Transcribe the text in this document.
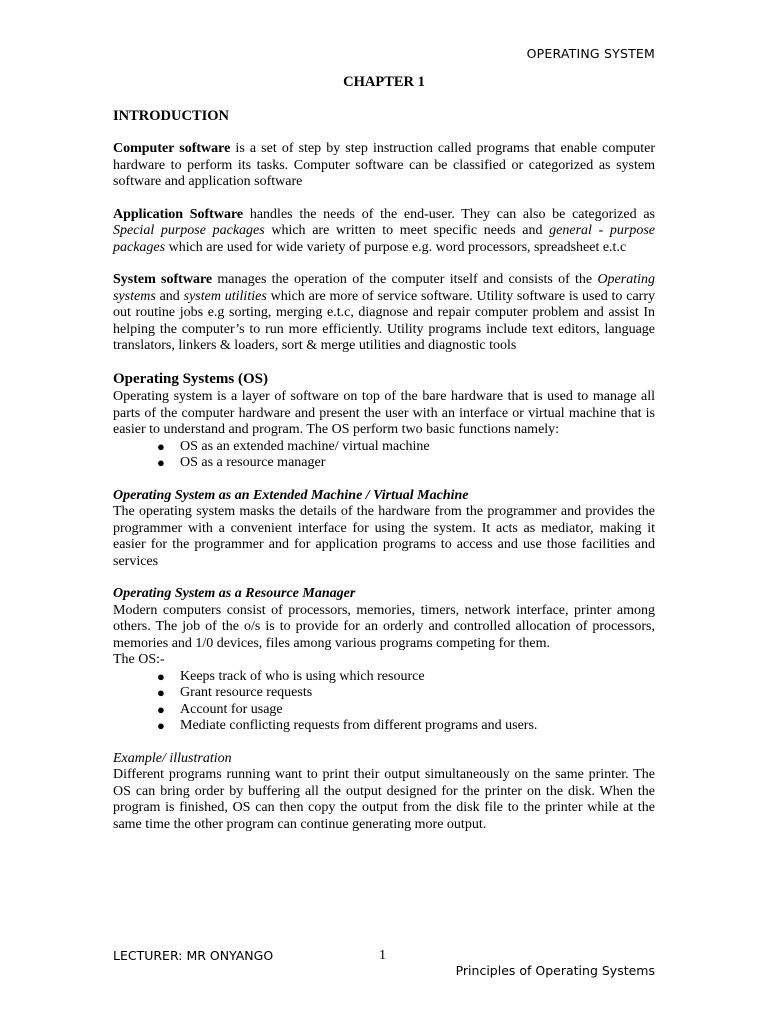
OPERATING SYSTEM
CHAPTER 1
INTRODUCTION

Computer software is a set of step by step instruction called programs that enable computer hardware to perform its tasks. Computer software can be classified or categorized as system software and application software

Application Software handles the needs of the end-user. They can also be categorized as Special purpose packages which are written to meet specific needs and general - purpose packages which are used for wide variety of purpose e.g. word processors, spreadsheet e.t.c

System software manages the operation of the computer itself and consists of the Operating systems and system utilities which are more of service software. Utility software is used to carry out routine jobs e.g sorting, merging e.t.c, diagnose and repair computer problem and assist In helping the computer’s to run more efficiently. Utility programs include text editors, language translators, linkers & loaders, sort & merge utilities and diagnostic tools

Operating Systems (OS)

Operating system is a layer of software on top of the bare hardware that is used to manage all parts of the computer hardware and present the user with an interface or virtual machine that is easier to understand and program. The OS perform two basic functions namely:

● OS as an extended machine/ virtual machine
● OS as a resource manager
Operating System as an Extended Machine / Virtual Machine

The operating system masks the details of the hardware from the programmer and provides the programmer with a convenient interface for using the system. It acts as mediator, making it easier for the programmer and for application programs to access and use those facilities and services

Operating System as a Resource Manager

Modern computers consist of processors, memories, timers, network interface, printer among others. The job of the o/s is to provide for an orderly and controlled allocation of processors, memories and 1/0 devices, files among various programs competing for them.

The OS:-

● Keeps track of who is using which resource
● Grant resource requests
● Account for usage
● Mediate conflicting requests from different programs and users.
Example/ illustration

Different programs running want to print their output simultaneously on the same printer. The OS can bring order by buffering all the output designed for the printer on the disk. When the program is finished, OS can then copy the output from the disk file to the printer while at the same time the other program can continue generating more output.

LECTURER: MR ONYANGO	1
Principles of Operating Systems
